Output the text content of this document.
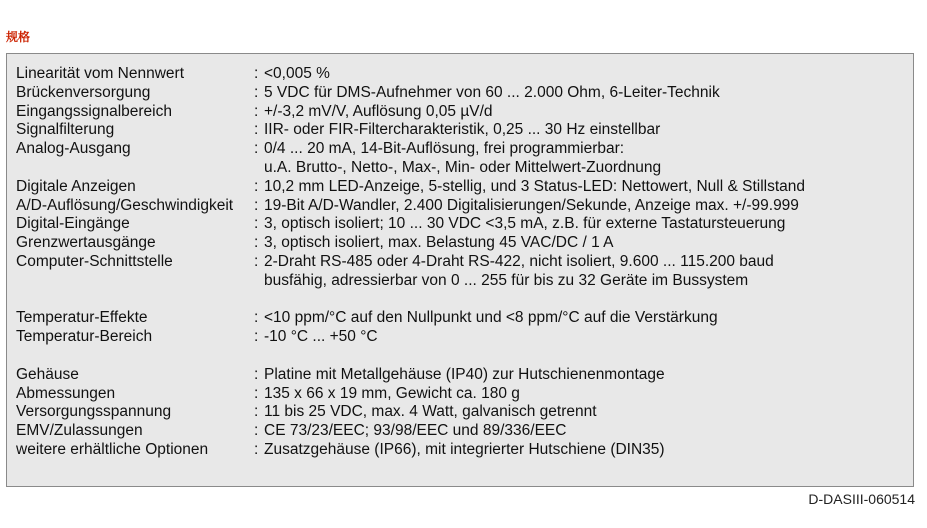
规格
Linearität vom Nennwert	: <0,005 %
Brückenversorgung	: 5 VDC für DMS-Aufnehmer von 60 ... 2.000 Ohm, 6-Leiter-Technik
Eingangssignalbereich	: +/-3,2 mV/V, Auflösung 0,05 µV/d
Signalfilterung	: IIR- oder FIR-Filtercharakteristik, 0,25 ... 30 Hz einstellbar
Analog-Ausgang	: 0/4 ... 20 mA, 14-Bit-Auflösung, frei programmierbar:
u.A. Brutto-, Netto-, Max-, Min- oder Mittelwert-Zuordnung
Digitale Anzeigen	: 10,2 mm LED-Anzeige, 5-stellig, und 3 Status-LED: Nettowert, Null & Stillstand
A/D-Auflösung/Geschwindigkeit	: 19-Bit A/D-Wandler, 2.400 Digitalisierungen/Sekunde, Anzeige max. +/-99.999
Digital-Eingänge	: 3, optisch isoliert; 10 ... 30 VDC <3,5 mA, z.B. für externe Tastatursteuerung
Grenzwertausgänge	: 3, optisch isoliert, max. Belastung 45 VAC/DC / 1 A
Computer-Schnittstelle	: 2-Draht RS-485 oder 4-Draht RS-422, nicht isoliert, 9.600 ... 115.200 baud
busfähig, adressierbar von 0 ... 255 für bis zu 32 Geräte im Bussystem
Temperatur-Effekte	: <10 ppm/°C auf den Nullpunkt und <8 ppm/°C auf die Verstärkung
Temperatur-Bereich	: -10 °C ... +50 °C
Gehäuse	: Platine mit Metallgehäuse (IP40) zur Hutschienenmontage
Abmessungen	: 135 x 66 x 19 mm, Gewicht ca. 180 g
Versorgungsspannung	: 11 bis 25 VDC, max. 4 Watt, galvanisch getrennt
EMV/Zulassungen	: CE 73/23/EEC; 93/98/EEC und 89/336/EEC
weitere erhältliche Optionen	: Zusatzgehäuse (IP66), mit integrierter Hutschiene (DIN35)
D-DASIII-060514
